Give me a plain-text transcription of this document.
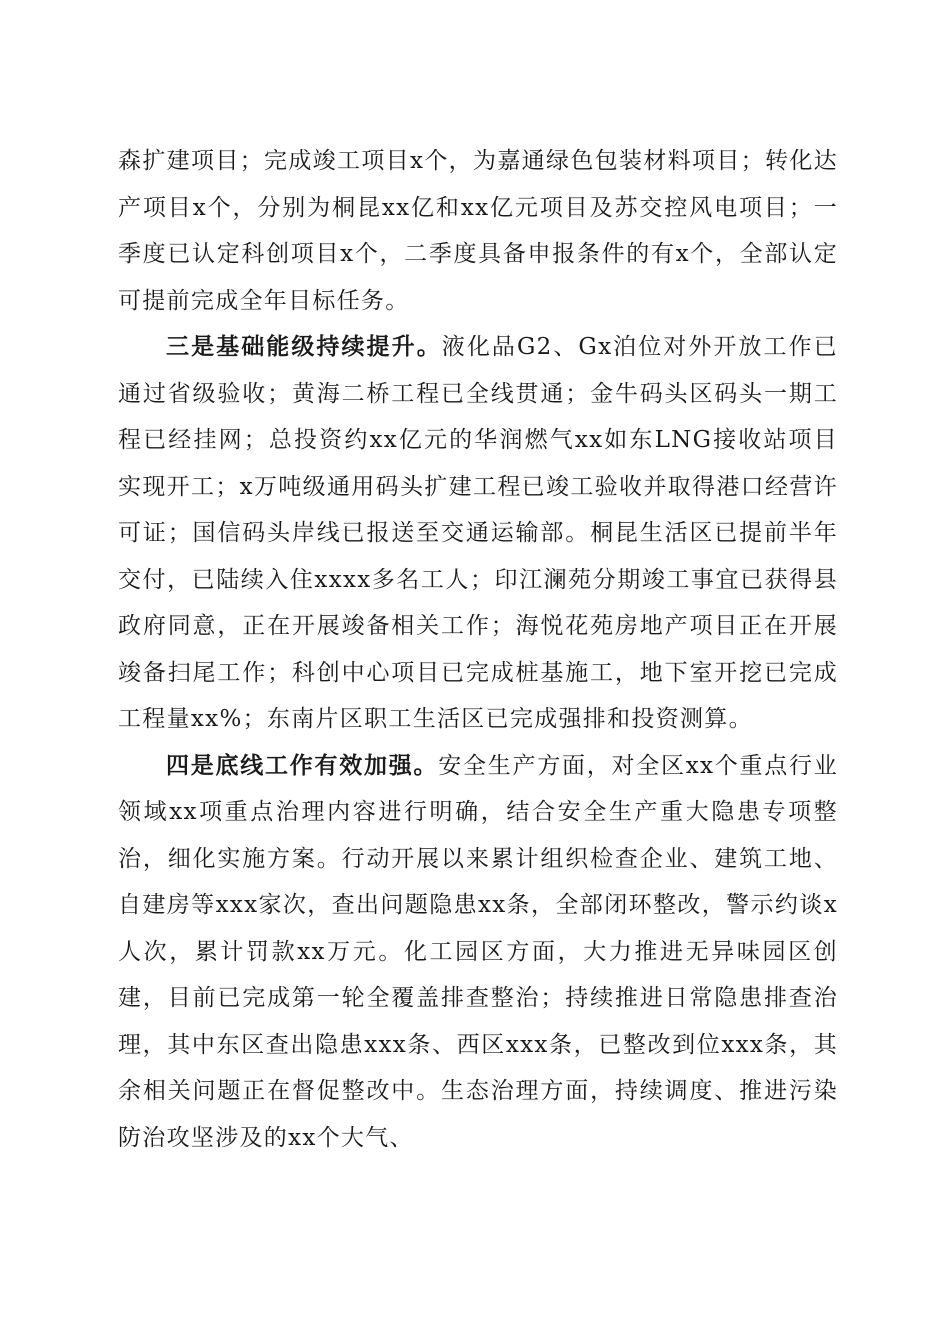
森扩建项目；完成竣工项目x个，为嘉通绿色包装材料项目；转化达产项目x个，分别为桐昆xx亿和xx亿元项目及苏交控风电项目；一季度已认定科创项目x个，二季度具备申报条件的有x个，全部认定可提前完成全年目标任务。

三是基础能级持续提升。液化品G2、Gx泊位对外开放工作已通过省级验收；黄海二桥工程已全线贯通；金牛码头区码头一期工程已经挂网；总投资约xx亿元的华润燃气xx如东LNG接收站项目实现开工；x万吨级通用码头扩建工程已竣工验收并取得港口经营许可证；国信码头岸线已报送至交通运输部。桐昆生活区已提前半年交付，已陆续入住xxxx多名工人；印江澜苑分期竣工事宜已获得县政府同意，正在开展竣备相关工作；海悦花苑房地产项目正在开展竣备扫尾工作；科创中心项目已完成桩基施工，地下室开挖已完成工程量xx%；东南片区职工生活区已完成强排和投资测算。

四是底线工作有效加强。安全生产方面，对全区xx个重点行业领域xx项重点治理内容进行明确，结合安全生产重大隐患专项整治，细化实施方案。行动开展以来累计组织检查企业、建筑工地、自建房等xxx家次，查出问题隐患xx条，全部闭环整改，警示约谈x人次，累计罚款xx万元。化工园区方面，大力推进无异味园区创建，目前已完成第一轮全覆盖排查整治；持续推进日常隐患排查治理，其中东区查出隐患xxx条、西区xxx条，已整改到位xxx条，其余相关问题正在督促整改中。生态治理方面，持续调度、推进污染防治攻坚涉及的xx个大气、
